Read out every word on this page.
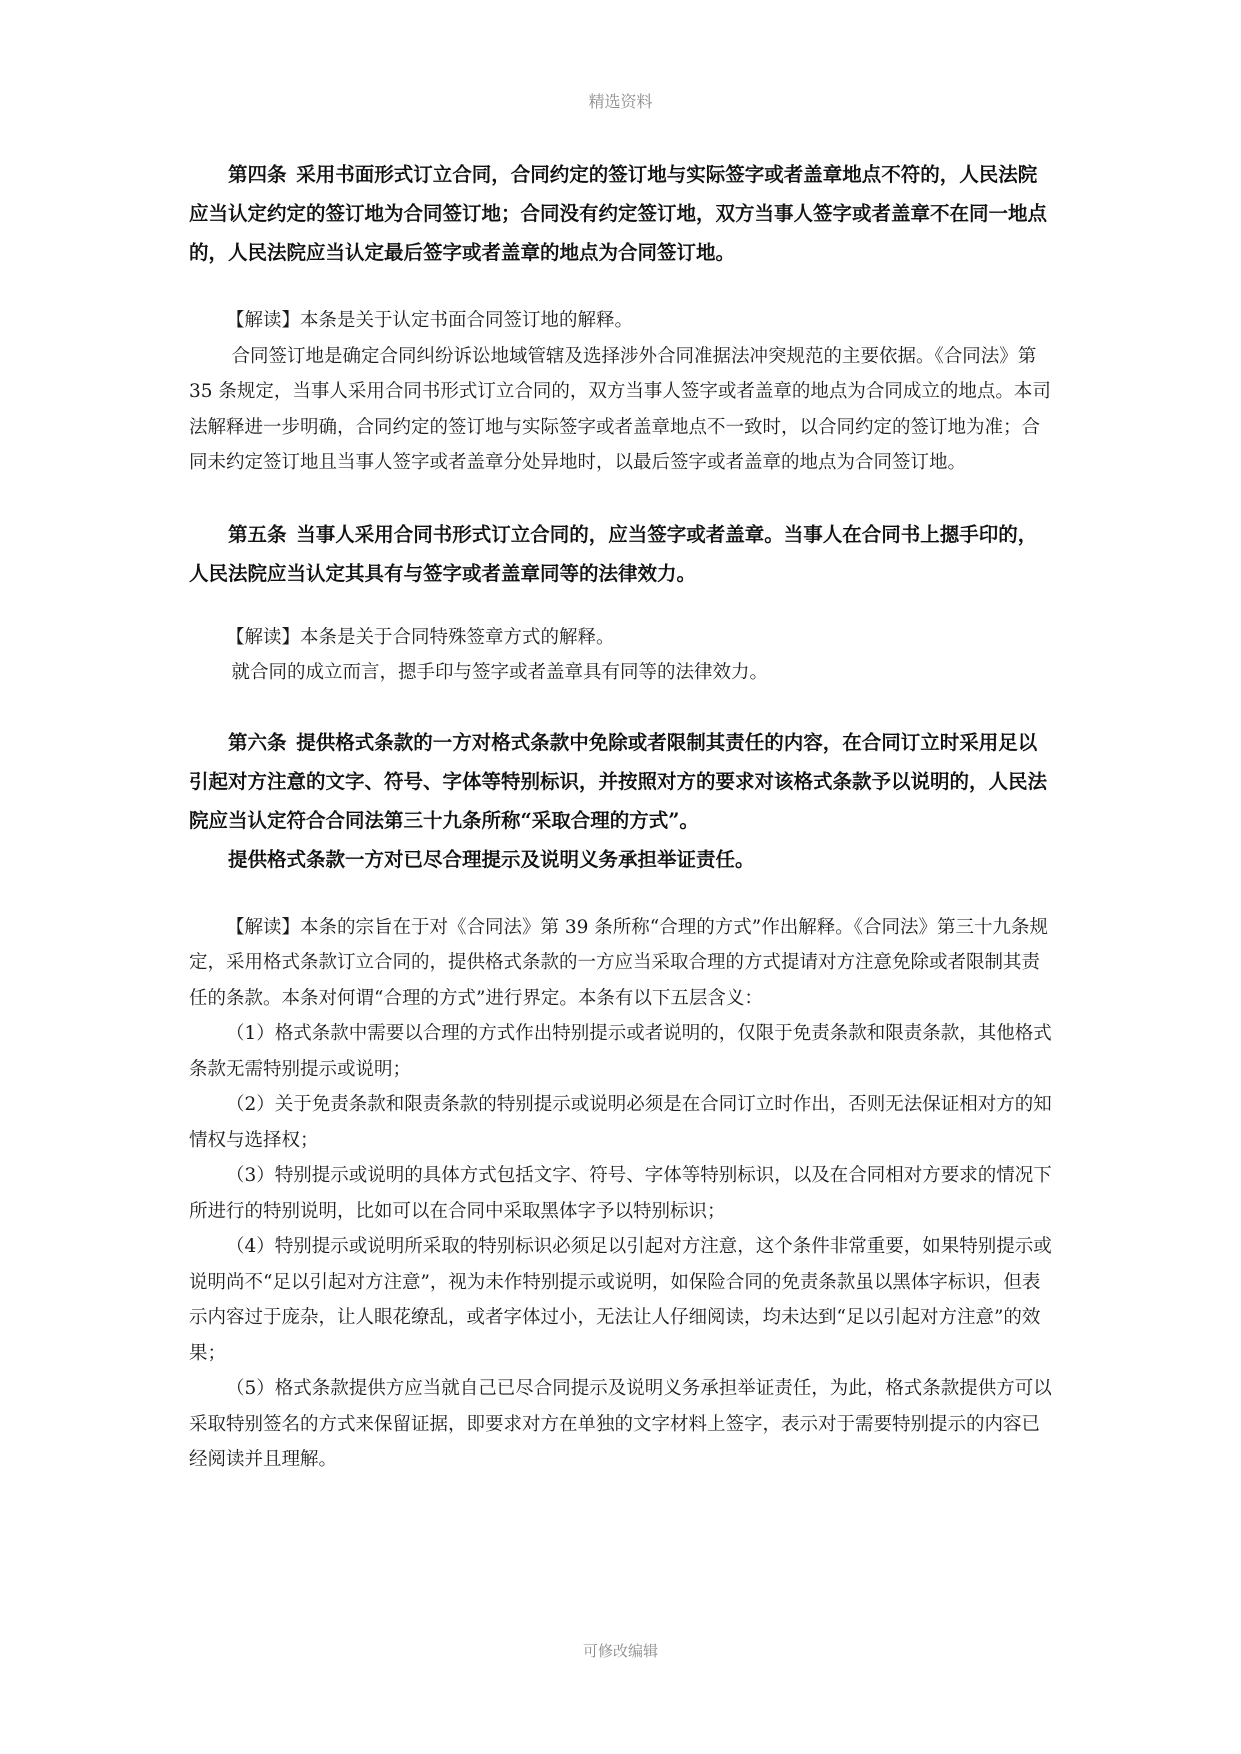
精选资料

第四条 采用书面形式订立合同，合同约定的签订地与实际签字或者盖章地点不符的，人民法院应当认定约定的签订地为合同签订地；合同没有约定签订地，双方当事人签字或者盖章不在同一地点的，人民法院应当认定最后签字或者盖章的地点为合同签订地。

【解读】本条是关于认定书面合同签订地的解释。

合同签订地是确定合同纠纷诉讼地域管辖及选择涉外合同准据法冲突规范的主要依据。《合同法》第 35 条规定，当事人采用合同书形式订立合同的，双方当事人签字或者盖章的地点为合同成立的地点。本司法解释进一步明确，合同约定的签订地与实际签字或者盖章地点不一致时，以合同约定的签订地为准；合同未约定签订地且当事人签字或者盖章分处异地时，以最后签字或者盖章的地点为合同签订地。

第五条 当事人采用合同书形式订立合同的，应当签字或者盖章。当事人在合同书上摁手印的，人民法院应当认定其具有与签字或者盖章同等的法律效力。

【解读】本条是关于合同特殊签章方式的解释。

就合同的成立而言，摁手印与签字或者盖章具有同等的法律效力。

第六条 提供格式条款的一方对格式条款中免除或者限制其责任的内容，在合同订立时采用足以引起对方注意的文字、符号、字体等特别标识，并按照对方的要求对该格式条款予以说明的，人民法院应当认定符合合同法第三十九条所称“采取合理的方式”。

提供格式条款一方对已尽合理提示及说明义务承担举证责任。

【解读】本条的宗旨在于对《合同法》第 39 条所称“合理的方式”作出解释。《合同法》第三十九条规定，采用格式条款订立合同的，提供格式条款的一方应当采取合理的方式提请对方注意免除或者限制其责任的条款。本条对何谓“合理的方式”进行界定。本条有以下五层含义：

（1）格式条款中需要以合理的方式作出特别提示或者说明的，仅限于免责条款和限责条款，其他格式条款无需特别提示或说明；

（2）关于免责条款和限责条款的特别提示或说明必须是在合同订立时作出，否则无法保证相对方的知情权与选择权；

（3）特别提示或说明的具体方式包括文字、符号、字体等特别标识，以及在合同相对方要求的情况下所进行的特别说明，比如可以在合同中采取黑体字予以特别标识；

（4）特别提示或说明所采取的特别标识必须足以引起对方注意，这个条件非常重要，如果特别提示或说明尚不“足以引起对方注意”，视为未作特别提示或说明，如保险合同的免责条款虽以黑体字标识，但表示内容过于庞杂，让人眼花缭乱，或者字体过小，无法让人仔细阅读，均未达到“足以引起对方注意”的效果；

（5）格式条款提供方应当就自己已尽合同提示及说明义务承担举证责任，为此，格式条款提供方可以采取特别签名的方式来保留证据，即要求对方在单独的文字材料上签字，表示对于需要特别提示的内容已经阅读并且理解。

可修改编辑
